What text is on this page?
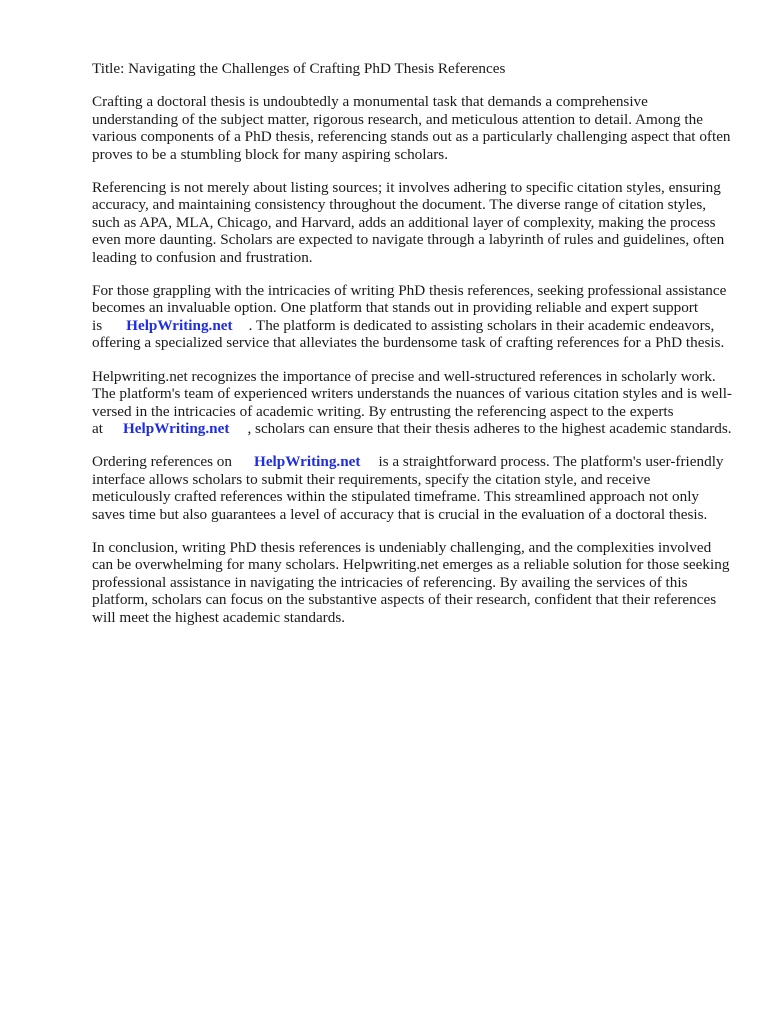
Title: Navigating the Challenges of Crafting PhD Thesis References

Crafting a doctoral thesis is undoubtedly a monumental task that demands a comprehensive understanding of the subject matter, rigorous research, and meticulous attention to detail. Among the various components of a PhD thesis, referencing stands out as a particularly challenging aspect that often proves to be a stumbling block for many aspiring scholars.

Referencing is not merely about listing sources; it involves adhering to specific citation styles, ensuring accuracy, and maintaining consistency throughout the document. The diverse range of citation styles, such as APA, MLA, Chicago, and Harvard, adds an additional layer of complexity, making the process even more daunting. Scholars are expected to navigate through a labyrinth of rules and guidelines, often leading to confusion and frustration.

For those grappling with the intricacies of writing PhD thesis references, seeking professional assistance becomes an invaluable option. One platform that stands out in providing reliable and expert support is HelpWriting.net . The platform is dedicated to assisting scholars in their academic endeavors, offering a specialized service that alleviates the burdensome task of crafting references for a PhD thesis.

Helpwriting.net recognizes the importance of precise and well-structured references in scholarly work. The platform's team of experienced writers understands the nuances of various citation styles and is well-versed in the intricacies of academic writing. By entrusting the referencing aspect to the experts at HelpWriting.net , scholars can ensure that their thesis adheres to the highest academic standards.

Ordering references on HelpWriting.net is a straightforward process. The platform's user-friendly interface allows scholars to submit their requirements, specify the citation style, and receive meticulously crafted references within the stipulated timeframe. This streamlined approach not only saves time but also guarantees a level of accuracy that is crucial in the evaluation of a doctoral thesis.

In conclusion, writing PhD thesis references is undeniably challenging, and the complexities involved can be overwhelming for many scholars. Helpwriting.net emerges as a reliable solution for those seeking professional assistance in navigating the intricacies of referencing. By availing the services of this platform, scholars can focus on the substantive aspects of their research, confident that their references will meet the highest academic standards.
